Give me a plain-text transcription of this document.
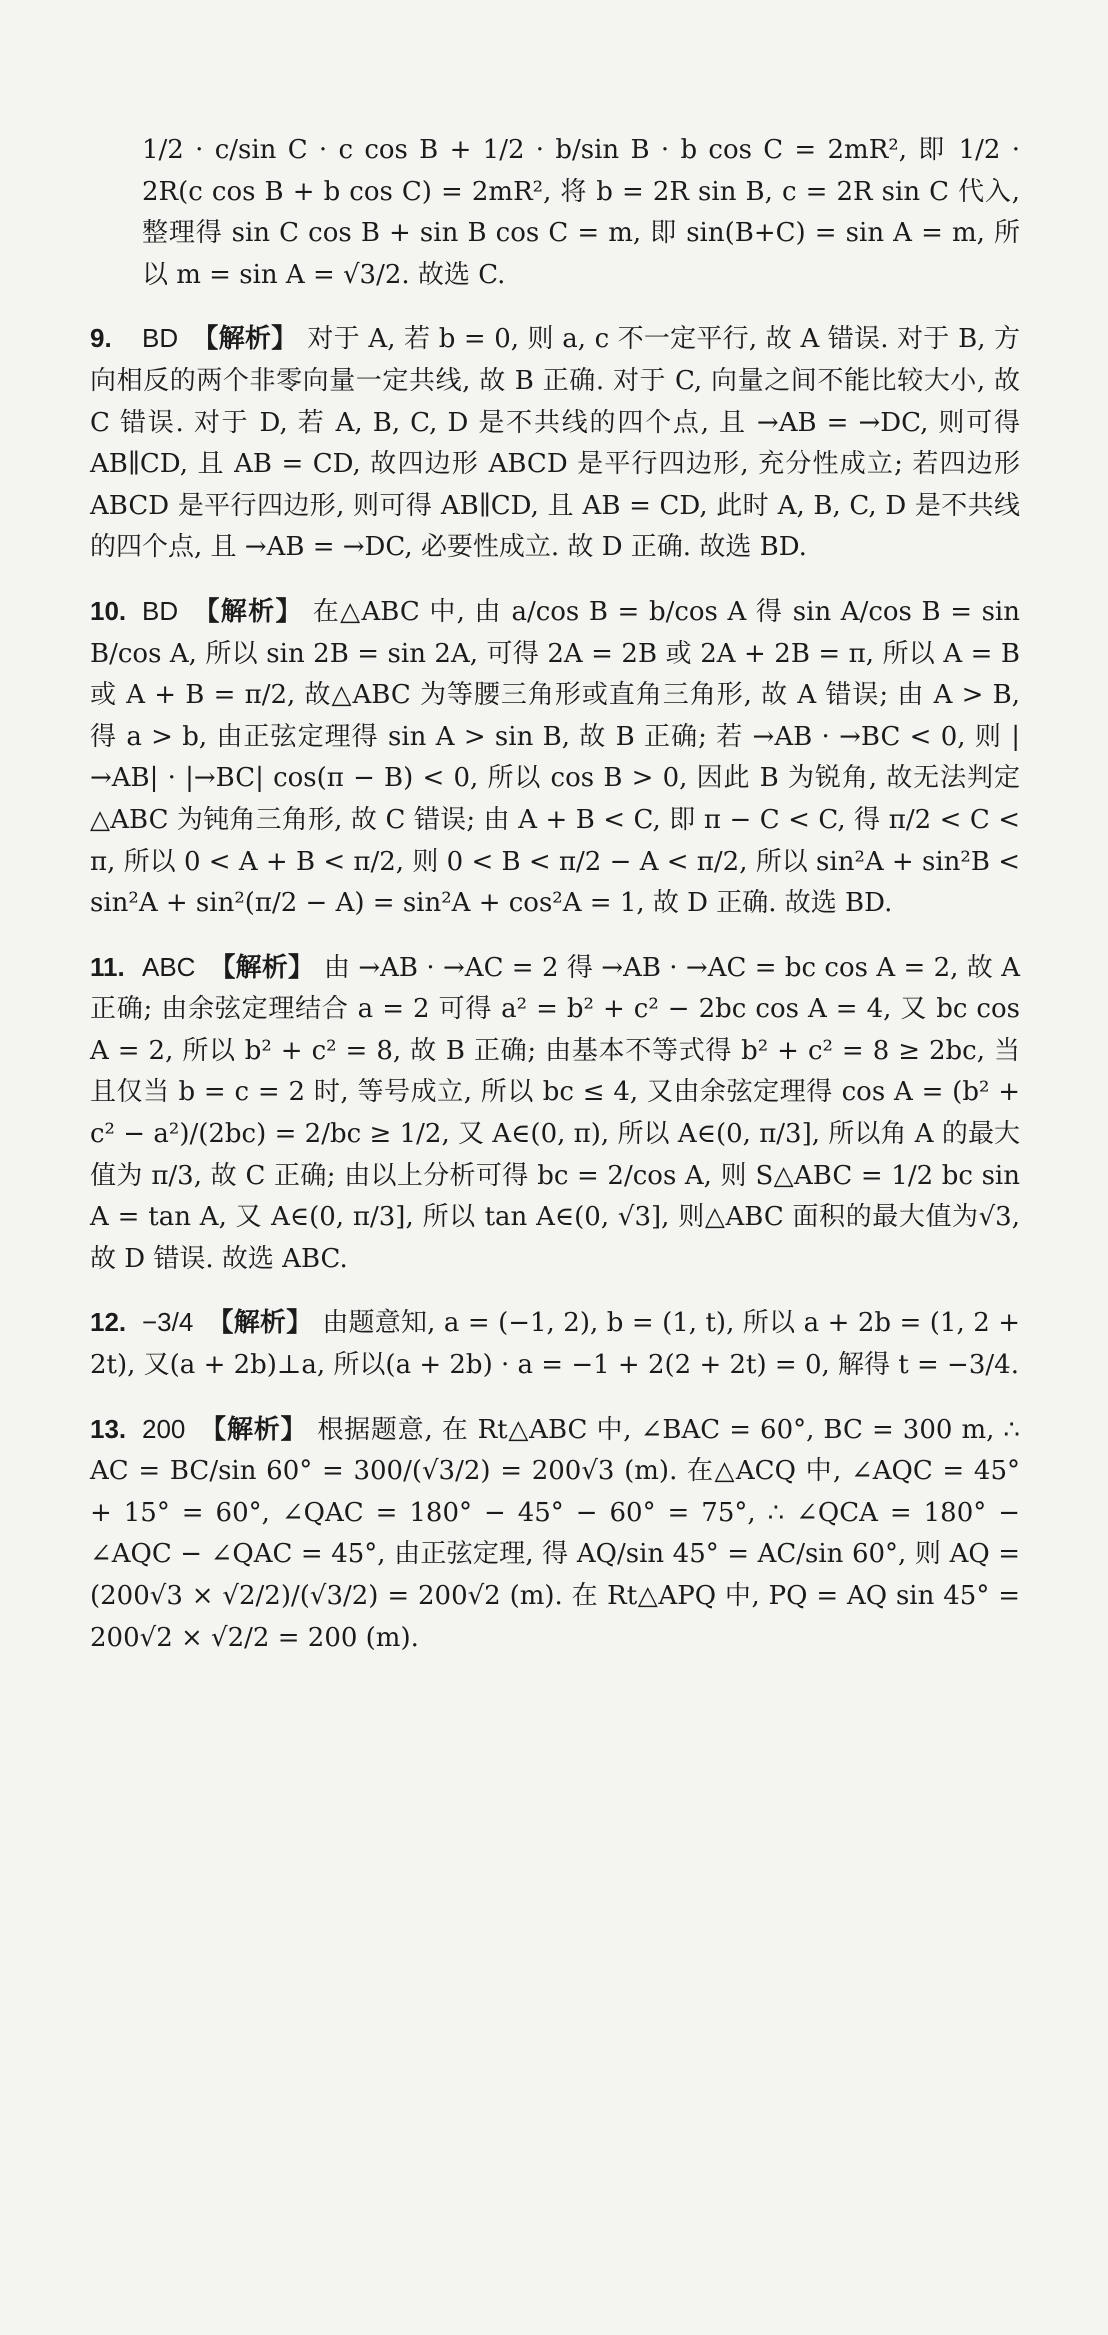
1/2 · c/sin C · c cos B + 1/2 · b/sin B · b cos C = 2mR², 即 1/2 · 2R(c cos B + b cos C) = 2mR², 将 b = 2R sin B, c = 2R sin C 代入, 整理得 sin C cos B + sin B cos C = m, 即 sin(B+C) = sin A = m, 所以 m = sin A = √3/2. 故选 C.
9. BD 【解析】 对于 A, 若 b = 0, 则 a, c 不一定平行, 故 A 错误. 对于 B, 方向相反的两个非零向量一定共线, 故 B 正确. 对于 C, 向量之间不能比较大小, 故 C 错误. 对于 D, 若 A, B, C, D 是不共线的四个点, 且 →AB = →DC, 则可得 AB∥CD, 且 AB = CD, 故四边形 ABCD 是平行四边形, 充分性成立; 若四边形 ABCD 是平行四边形, 则可得 AB∥CD, 且 AB = CD, 此时 A, B, C, D 是不共线的四个点, 且 →AB = →DC, 必要性成立. 故 D 正确. 故选 BD.
10. BD 【解析】 在△ABC 中, 由 a/cos B = b/cos A 得 sin A/cos B = sin B/cos A, 所以 sin 2B = sin 2A, 可得 2A = 2B 或 2A + 2B = π, 所以 A = B 或 A + B = π/2, 故△ABC 为等腰三角形或直角三角形, 故 A 错误; 由 A > B, 得 a > b, 由正弦定理得 sin A > sin B, 故 B 正确; 若 →AB · →BC < 0, 则 |→AB| · |→BC| cos(π − B) < 0, 所以 cos B > 0, 因此 B 为锐角, 故无法判定△ABC 为钝角三角形, 故 C 错误; 由 A + B < C, 即 π − C < C, 得 π/2 < C < π, 所以 0 < A + B < π/2, 则 0 < B < π/2 − A < π/2, 所以 sin²A + sin²B < sin²A + sin²(π/2 − A) = sin²A + cos²A = 1, 故 D 正确. 故选 BD.
11. ABC 【解析】 由 →AB · →AC = 2 得 →AB · →AC = bc cos A = 2, 故 A 正确; 由余弦定理结合 a = 2 可得 a² = b² + c² − 2bc cos A = 4, 又 bc cos A = 2, 所以 b² + c² = 8, 故 B 正确; 由基本不等式得 b² + c² = 8 ≥ 2bc, 当且仅当 b = c = 2 时, 等号成立, 所以 bc ≤ 4, 又由余弦定理得 cos A = (b² + c² − a²)/(2bc) = 2/bc ≥ 1/2, 又 A∈(0, π), 所以 A∈(0, π/3], 所以角 A 的最大值为 π/3, 故 C 正确; 由以上分析可得 bc = 2/cos A, 则 S△ABC = 1/2 bc sin A = tan A, 又 A∈(0, π/3], 所以 tan A∈(0, √3], 则△ABC 面积的最大值为√3, 故 D 错误. 故选 ABC.
12. −3/4 【解析】 由题意知, a = (−1, 2), b = (1, t), 所以 a + 2b = (1, 2 + 2t), 又(a + 2b)⊥a, 所以(a + 2b) · a = −1 + 2(2 + 2t) = 0, 解得 t = −3/4.
13. 200 【解析】 根据题意, 在 Rt△ABC 中, ∠BAC = 60°, BC = 300 m, ∴ AC = BC/sin 60° = 300/(√3/2) = 200√3 (m). 在△ACQ 中, ∠AQC = 45° + 15° = 60°, ∠QAC = 180° − 45° − 60° = 75°, ∴ ∠QCA = 180° − ∠AQC − ∠QAC = 45°, 由正弦定理, 得 AQ/sin 45° = AC/sin 60°, 则 AQ = (200√3 × √2/2)/(√3/2) = 200√2 (m). 在 Rt△APQ 中, PQ = AQ sin 45° = 200√2 × √2/2 = 200 (m).
